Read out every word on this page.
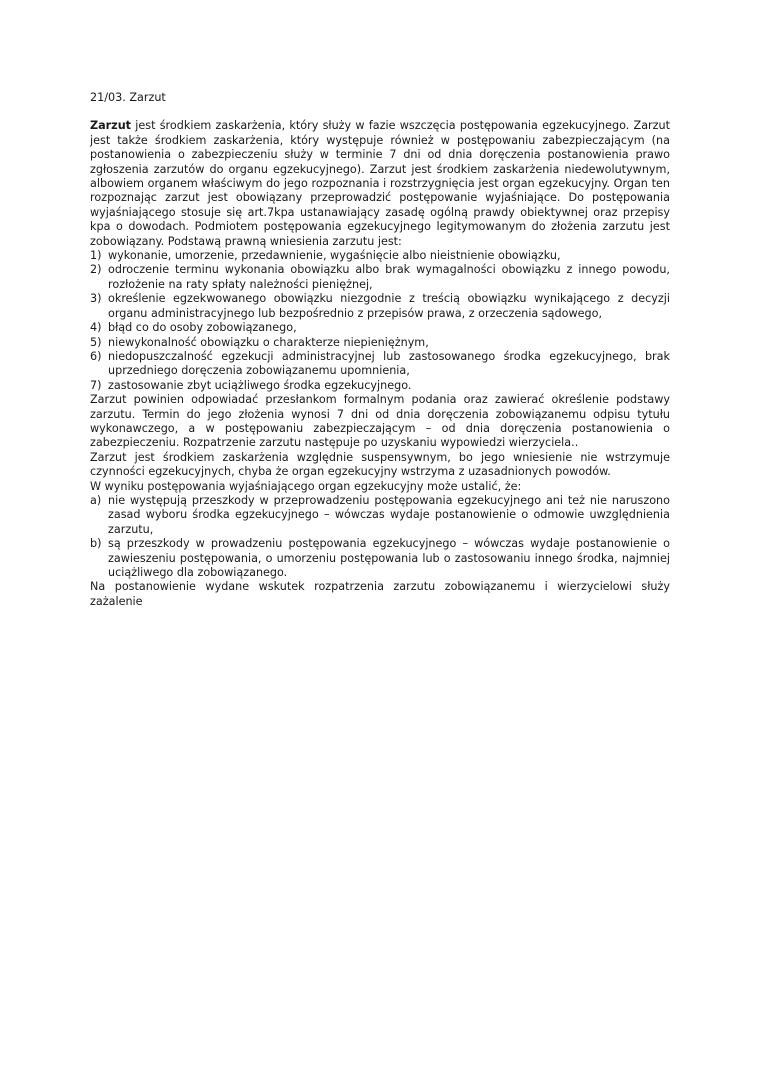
21/03. Zarzut

Zarzut jest środkiem zaskarżenia, który służy w fazie wszczęcia postępowania egzekucyjnego. Zarzut jest także środkiem zaskarżenia, który występuje również w postępowaniu zabezpieczającym (na postanowienia o zabezpieczeniu służy w terminie 7 dni od dnia doręczenia postanowienia prawo zgłoszenia zarzutów do organu egzekucyjnego). Zarzut jest środkiem zaskarżenia niedewolutywnym, albowiem organem właściwym do jego rozpoznania i rozstrzygnięcia jest organ egzekucyjny. Organ ten rozpoznając zarzut jest obowiązany przeprowadzić postępowanie wyjaśniające. Do postępowania wyjaśniającego stosuje się art.7kpa ustanawiający zasadę ogólną prawdy obiektywnej oraz przepisy kpa o dowodach. Podmiotem postępowania egzekucyjnego legitymowanym do złożenia zarzutu jest zobowiązany. Podstawą prawną wniesienia zarzutu jest:

1) wykonanie, umorzenie, przedawnienie, wygaśnięcie albo nieistnienie obowiązku,
2) odroczenie terminu wykonania obowiązku albo brak wymagalności obowiązku z innego powodu, rozłożenie na raty spłaty należności pieniężnej,
3) określenie egzekwowanego obowiązku niezgodnie z treścią obowiązku wynikającego z decyzji organu administracyjnego lub bezpośrednio z przepisów prawa, z orzeczenia sądowego,
4) błąd co do osoby zobowiązanego,
5) niewykonalność obowiązku o charakterze niepieniężnym,
6) niedopuszczalność egzekucji administracyjnej lub zastosowanego środka egzekucyjnego, brak uprzedniego doręczenia zobowiązanemu upomnienia,
7) zastosowanie zbyt uciążliwego środka egzekucyjnego.

Zarzut powinien odpowiadać przesłankom formalnym podania oraz zawierać określenie podstawy zarzutu. Termin do jego złożenia wynosi 7 dni od dnia doręczenia zobowiązanemu odpisu tytułu wykonawczego, a w postępowaniu zabezpieczającym – od dnia doręczenia postanowienia o zabezpieczeniu. Rozpatrzenie zarzutu następuje po uzyskaniu wypowiedzi wierzyciela..

Zarzut jest środkiem zaskarżenia względnie suspensywnym, bo jego wniesienie nie wstrzymuje czynności egzekucyjnych, chyba że organ egzekucyjny wstrzyma z uzasadnionych powodów.

W wyniku postępowania wyjaśniającego organ egzekucyjny może ustalić, że:

a) nie występują przeszkody w przeprowadzeniu postępowania egzekucyjnego ani też nie naruszono zasad wyboru środka egzekucyjnego – wówczas wydaje postanowienie o odmowie uwzględnienia zarzutu,
b) są przeszkody w prowadzeniu postępowania egzekucyjnego – wówczas wydaje postanowienie o zawieszeniu postępowania, o umorzeniu postępowania lub o zastosowaniu innego środka, najmniej uciążliwego dla zobowiązanego.

Na postanowienie wydane wskutek rozpatrzenia zarzutu zobowiązanemu i wierzycielowi służy zażalenie
